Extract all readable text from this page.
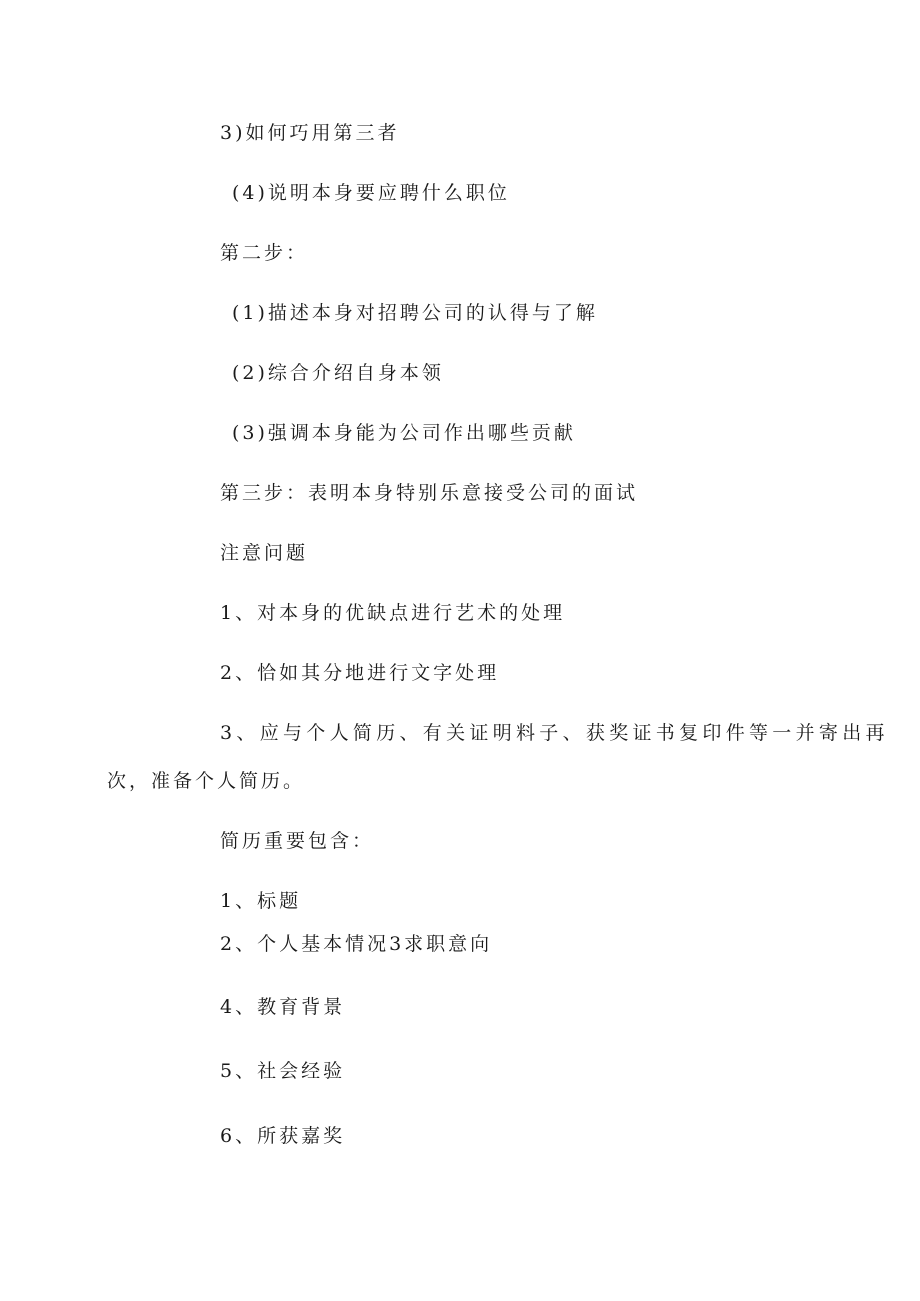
3)如何巧用第三者
(4)说明本身要应聘什么职位
第二步：
(1)描述本身对招聘公司的认得与了解
(2)综合介绍自身本领
(3)强调本身能为公司作出哪些贡献
第三步：表明本身特别乐意接受公司的面试
注意问题
1、对本身的优缺点进行艺术的处理
2、恰如其分地进行文字处理
3、应与个人简历、有关证明料子、获奖证书复印件等一并寄出再
次，准备个人简历。
简历重要包含：
1、标题
2、个人基本情况3求职意向
4、教育背景
5、社会经验
6、所获嘉奖
